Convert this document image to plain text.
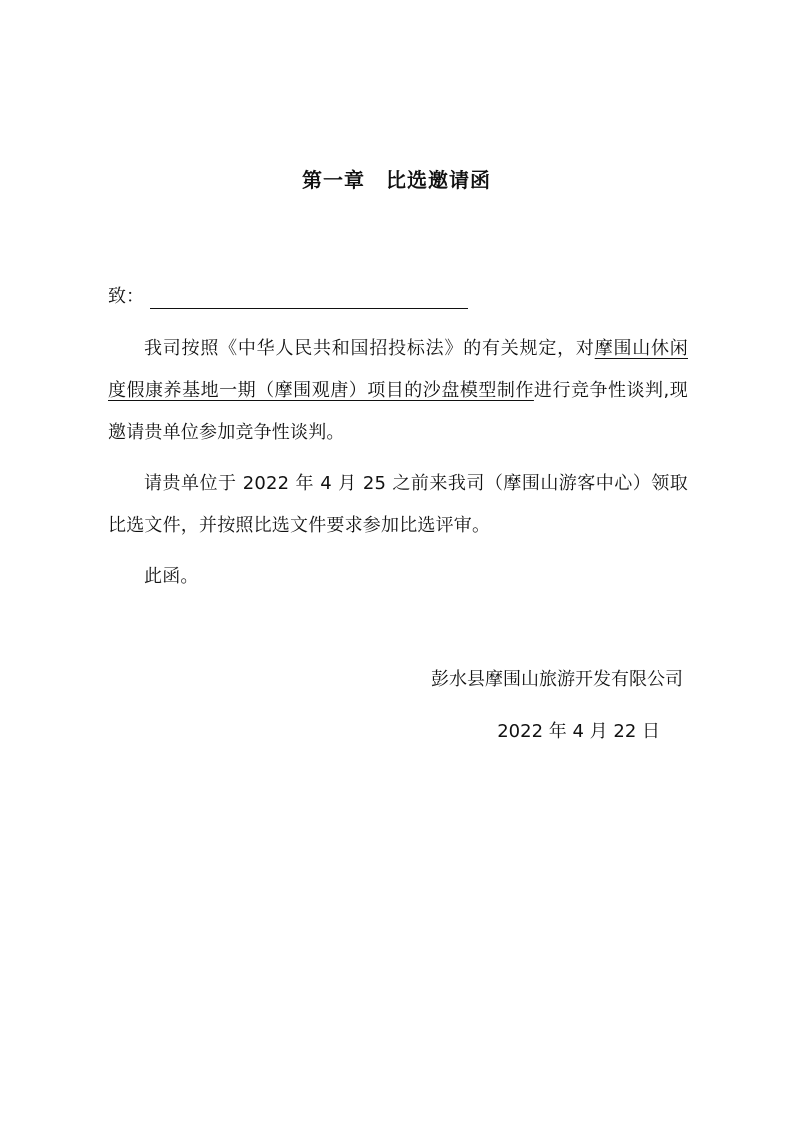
第一章　比选邀请函
致：
我司按照《中华人民共和国招投标法》的有关规定，对摩围山休闲度假康养基地一期（摩围观唐）项目的沙盘模型制作进行竞争性谈判,现邀请贵单位参加竞争性谈判。
请贵单位于 2022 年 4 月 25 之前来我司（摩围山游客中心）领取比选文件，并按照比选文件要求参加比选评审。
此函。
彭水县摩围山旅游开发有限公司
2022 年 4 月 22 日
